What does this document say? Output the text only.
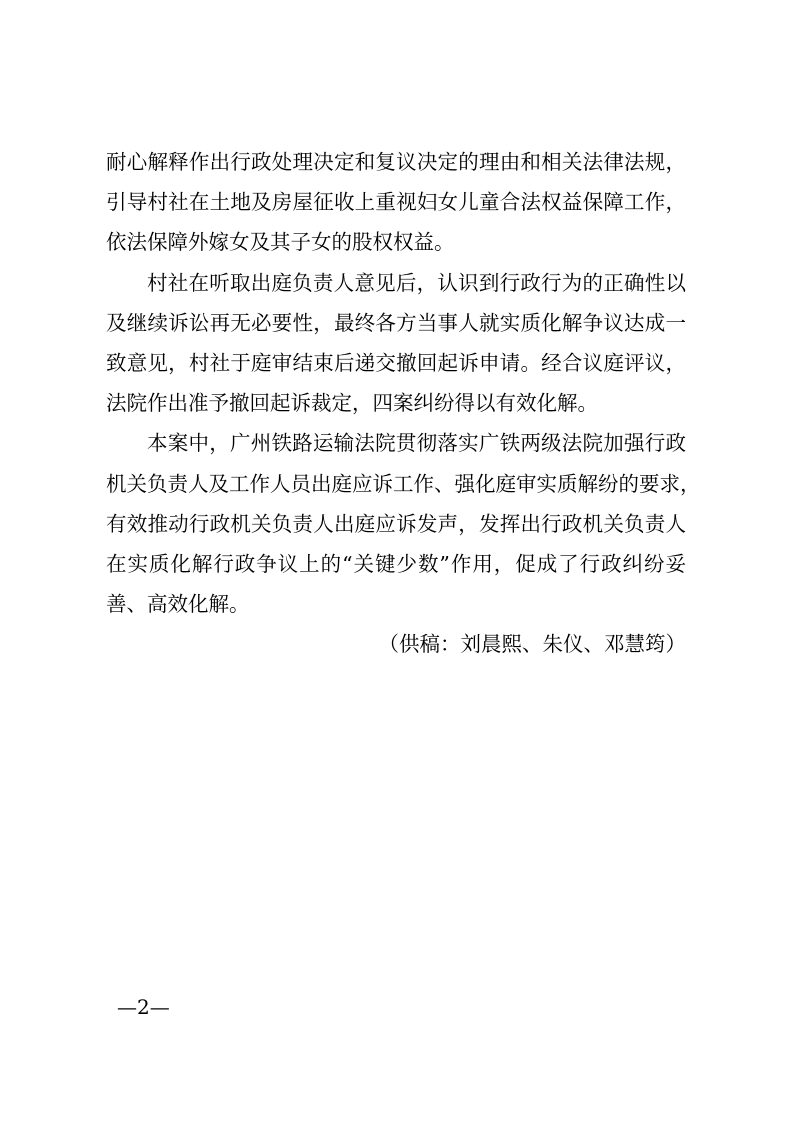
耐心解释作出行政处理决定和复议决定的理由和相关法律法规，
引导村社在土地及房屋征收上重视妇女儿童合法权益保障工作，
依法保障外嫁女及其子女的股权权益。
村社在听取出庭负责人意见后，认识到行政行为的正确性以
及继续诉讼再无必要性，最终各方当事人就实质化解争议达成一
致意见，村社于庭审结束后递交撤回起诉申请。经合议庭评议，
法院作出准予撤回起诉裁定，四案纠纷得以有效化解。
本案中，广州铁路运输法院贯彻落实广铁两级法院加强行政
机关负责人及工作人员出庭应诉工作、强化庭审实质解纷的要求，
有效推动行政机关负责人出庭应诉发声，发挥出行政机关负责人
在实质化解行政争议上的“关键少数”作用，促成了行政纠纷妥
善、高效化解。
（供稿：刘晨熙、朱仪、邓慧筠）
—2—
